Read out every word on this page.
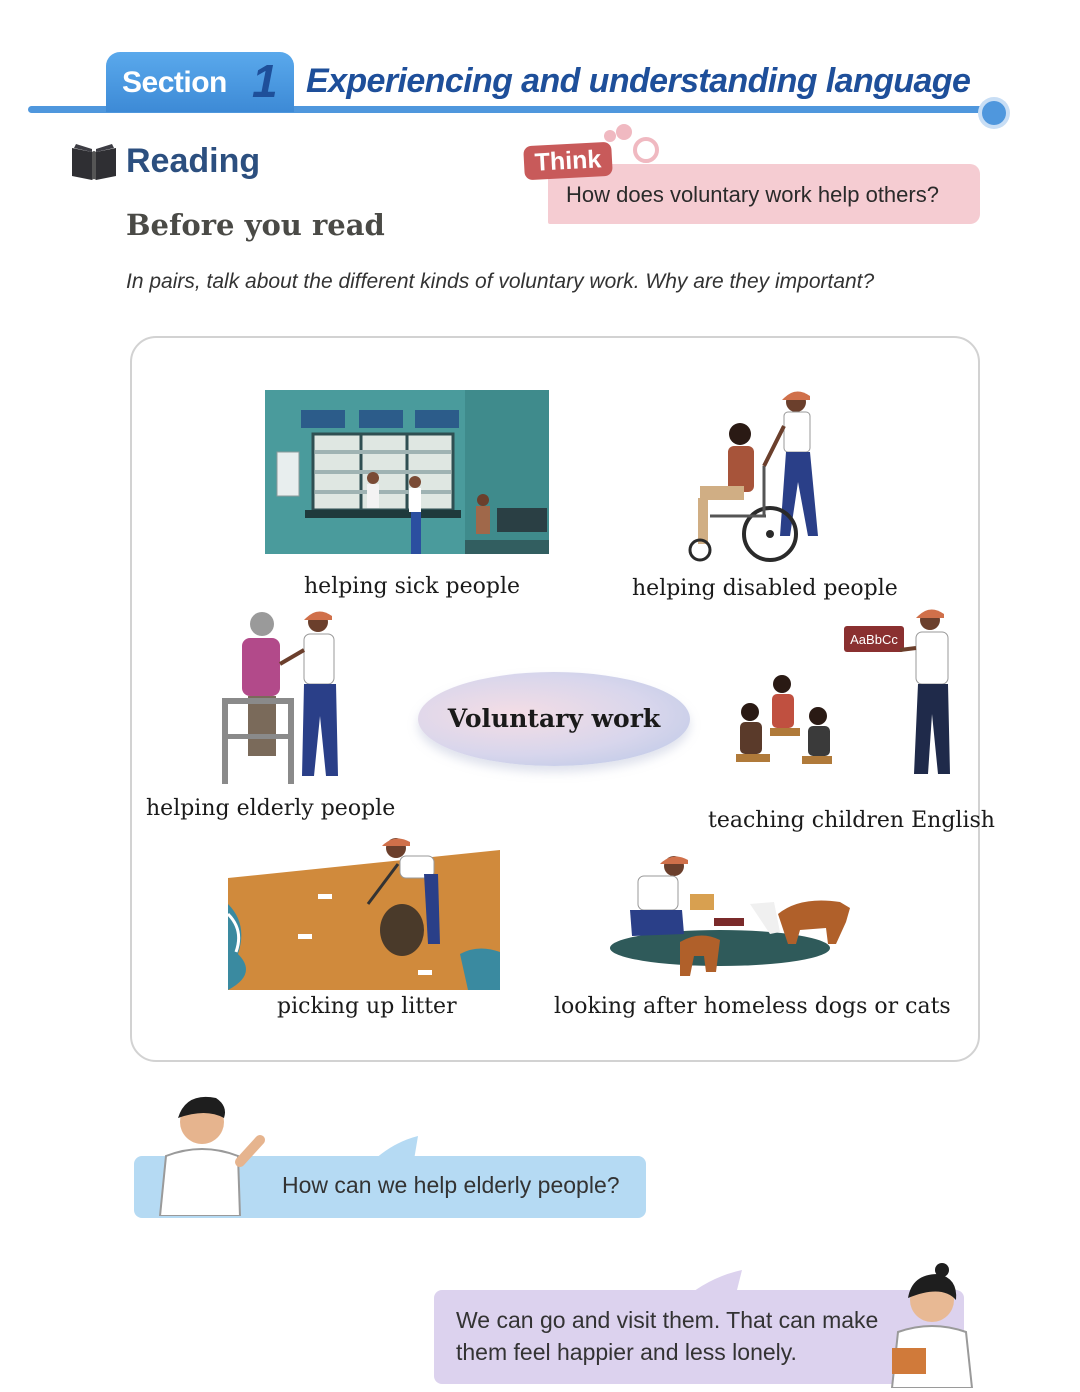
Section 1 Experiencing and understanding language
Reading	Think
How does voluntary work help others?
Before you read
In pairs, talk about the different kinds of voluntary work. Why are they important?
helping sick people	helping disabled people
helping elderly people
Voluntary work
AaBbCc
teaching children English
picking up litter	looking after homeless dogs or cats
How can we help elderly people?
We can go and visit them. That can make them feel happier and less lonely.
